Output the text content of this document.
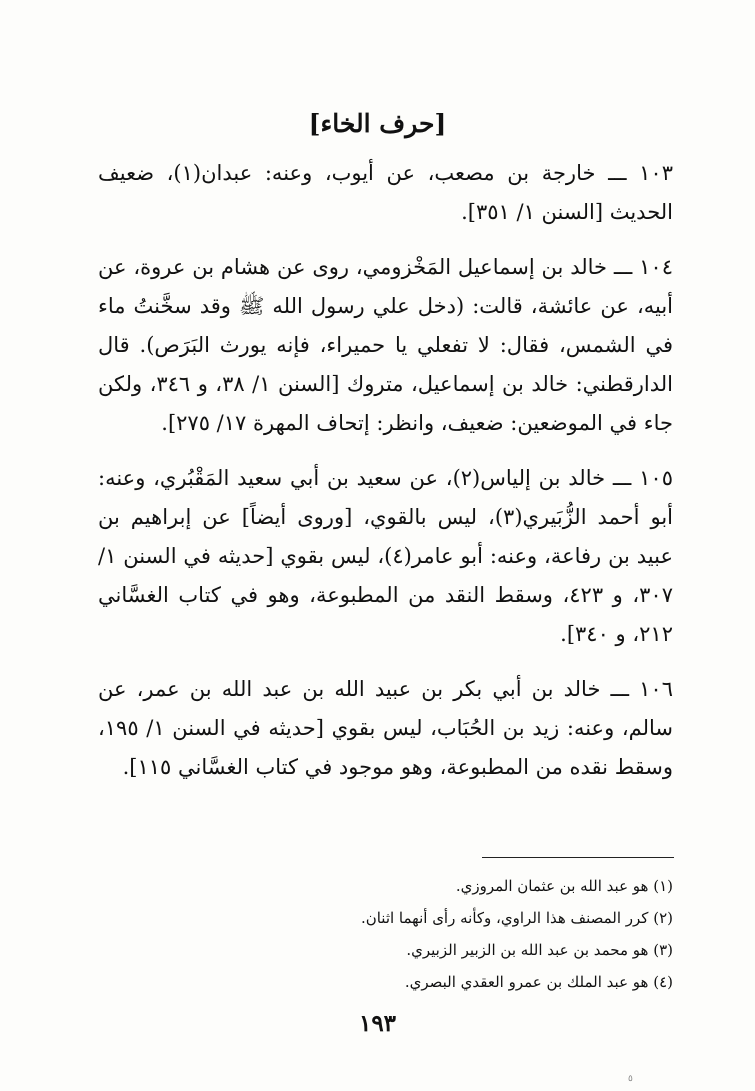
[حرف الخاء]

١٠٣ ـــ خارجة بن مصعب، عن أيوب، وعنه: عبدان(١)، ضعيف الحديث [السنن ١/ ٣٥١].

١٠٤ ـــ خالد بن إسماعيل المَخْزومي، روى عن هشام بن عروة، عن أبيه، عن عائشة، قالت: (دخل علي رسول الله ﷺ وقد سخَّنتُ ماء في الشمس، فقال: لا تفعلي يا حميراء، فإنه يورث البَرَص). قال الدارقطني: خالد بن إسماعيل، متروك [السنن ١/ ٣٨، و ٣٤٦، ولكن جاء في الموضعين: ضعيف، وانظر: إتحاف المهرة ١٧/ ٢٧٥].

١٠٥ ـــ خالد بن إلياس(٢)، عن سعيد بن أبي سعيد المَقْبُري، وعنه: أبو أحمد الزُّبَيري(٣)، ليس بالقوي، [وروى أيضاً] عن إبراهيم بن عبيد بن رفاعة، وعنه: أبو عامر(٤)، ليس بقوي [حديثه في السنن ١/ ٣٠٧، و ٤٢٣، وسقط النقد من المطبوعة، وهو في كتاب الغسَّاني ٢١٢، و ٣٤٠].

١٠٦ ـــ خالد بن أبي بكر بن عبيد الله بن عبد الله بن عمر، عن سالم، وعنه: زيد بن الحُبَاب، ليس بقوي [حديثه في السنن ١/ ١٩٥، وسقط نقده من المطبوعة، وهو موجود في كتاب الغسَّاني ١١٥].

(١) هو عبد الله بن عثمان المروزي.

(٢) كرر المصنف هذا الراوي، وكأنه رأى أنهما اثنان.

(٣) هو محمد بن عبد الله بن الزبير الزبيري.

(٤) هو عبد الملك بن عمرو العقدي البصري.

١٩٣
٥
